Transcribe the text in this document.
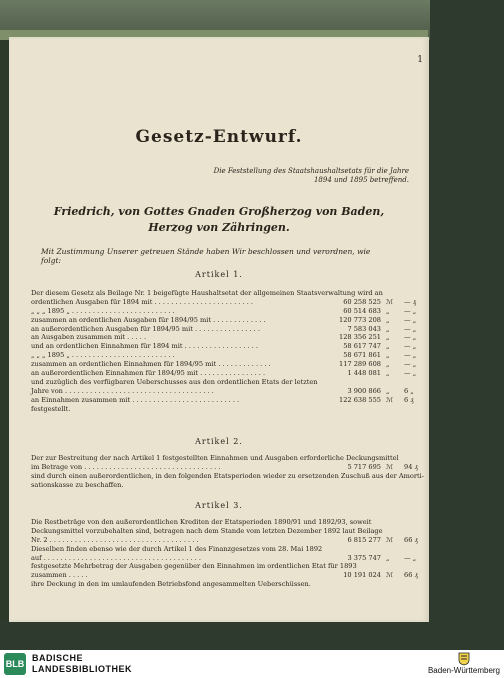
1
Gesetz-Entwurf.
Die Feststellung des Staatshaushaltsetats für die Jahre
1894 und 1895 betreffend.
Friedrich, von Gottes Gnaden Großherzog von Baden,
Herzog von Zähringen.
Mit Zustimmung Unserer getreuen Stände haben Wir beschlossen und verordnen, wie folgt:
Artikel 1.
Der diesem Gesetz als Beilage Nr. 1 beigefügte Haushaltsetat der allgemeinen Staatsverwaltung wird an
ordentlichen Ausgaben für 1894 mit . . . . . . . . . . . . . . . . . . . . . . . .	60 258 525 ℳ — ₰
„ „ „ 1895 „ . . . . . . . . . . . . . . . . . . . . . . . . .	60 514 683 „ — „
zusammen an ordentlichen Ausgaben für 1894/95 mit . . . . . . . . . . . . .	120 773 208 „ — „
an außerordentlichen Ausgaben für 1894/95 mit . . . . . . . . . . . . . . . .	7 583 043 „ — „
an Ausgaben zusammen mit . . . . .	128 356 251 „ — „
und an ordentlichen Einnahmen für 1894 mit . . . . . . . . . . . . . . . . . .	58 617 747 „ — „
„ „ „ 1895 „ . . . . . . . . . . . . . . . . . . . . . . . . .	58 671 861 „ — „
zusammen an ordentlichen Einnahmen für 1894/95 mit . . . . . . . . . . . . .	117 289 608 „ — „
an außerordentlichen Einnahmen für 1894/95 mit . . . . . . . . . . . . . . . .	1 448 081 „ — „
und zuzüglich des verfügbaren Ueberschusses aus den ordentlichen Etats der letzten
Jahre von . . . . . . . . . . . . . . . . . . . . . . . . . . . . . . . . . . . .	3 900 866 „ 6 „
an Einnahmen zusammen mit . . . . . . . . . . . . . . . . . . . . . . . . . .	122 638 555 ℳ 6 ₰
festgestellt.
Artikel 2.
Der zur Bestreitung der nach Artikel 1 festgestellten Einnahmen und Ausgaben erforderliche Deckungsmittel
im Betrage von . . . . . . . . . . . . . . . . . . . . . . . . . . . . . . . . .	5 717 695 ℳ 94 ₰
sind durch einen außerordentlichen, in den folgenden Etatsperioden wieder zu ersetzenden Zuschuß aus der Amorti-
sationskasse zu beschaffen.
Artikel 3.
Die Restbeträge von den außerordentlichen Krediten der Etatsperioden 1890/91 und 1892/93, soweit
Deckungsmittel vorzubehalten sind, betragen nach dem Stande vom letzten Dezember 1892 laut Beilage
Nr. 2 . . . . . . . . . . . . . . . . . . . . . . . . . . . . . . . . . . . .	6 815 277 ℳ 66 ₰
Dieselben finden ebenso wie der durch Artikel 1 des Finanzgesetzes vom 28. Mai 1892
auf . . . . . . . . . . . . . . . . . . . . . . . . . . . . . . . . . . . . . .	3 375 747 „ — „
festgesetzte Mehrbetrag der Ausgaben gegenüber den Einnahmen im ordentlichen Etat für 1893
zusammen . . . . .	10 191 024 ℳ 66 ₰
ihre Deckung in den im umlaufenden Betriebsfond angesammelten Ueberschüssen.
BLB
BADISCHE
LANDESBIBLIOTHEK	Baden-Württemberg
